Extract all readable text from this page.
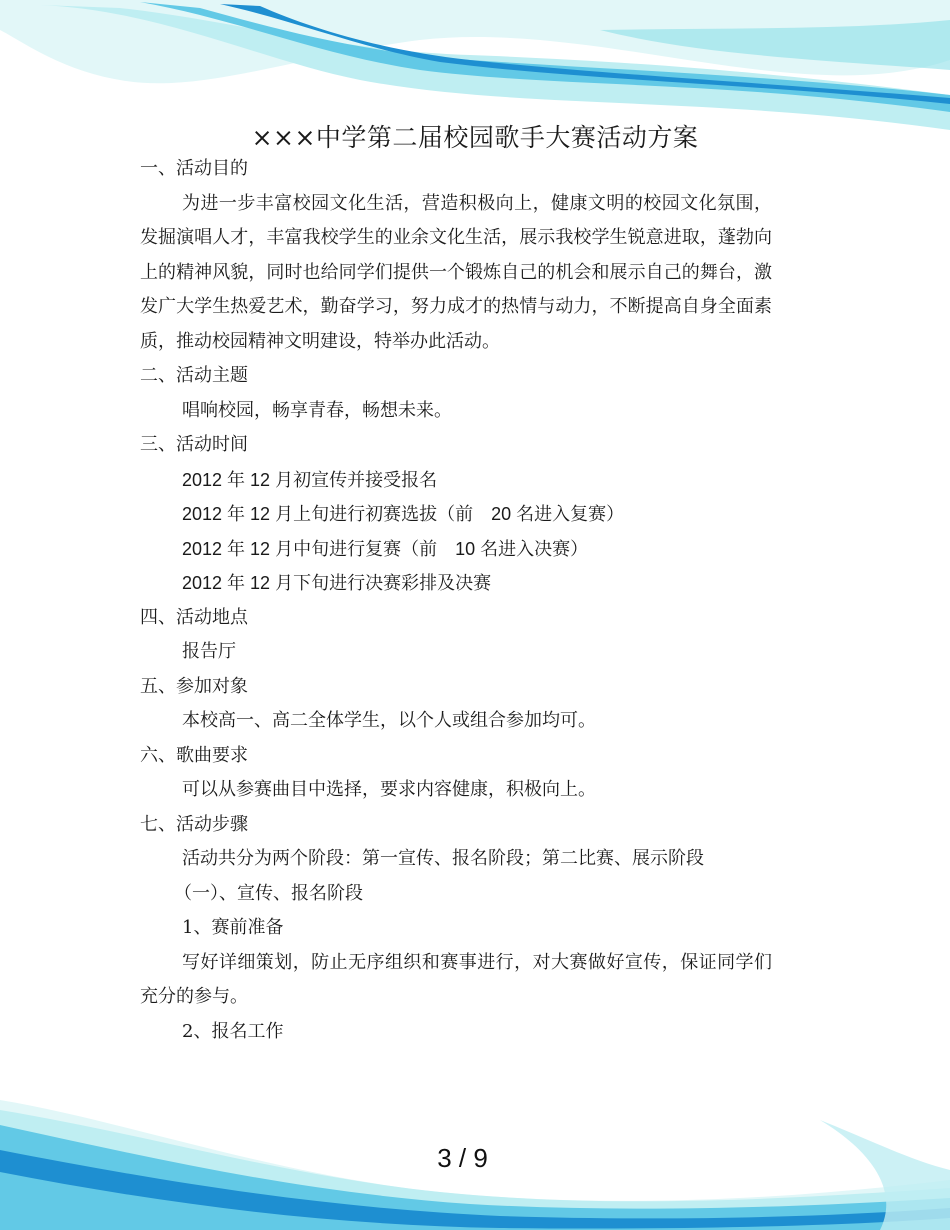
×××中学第二届校园歌手大赛活动方案

一、活动目的

为进一步丰富校园文化生活，营造积极向上，健康文明的校园文化氛围，发掘演唱人才，丰富我校学生的业余文化生活，展示我校学生锐意进取，蓬勃向上的精神风貌，同时也给同学们提供一个锻炼自己的机会和展示自己的舞台，激发广大学生热爱艺术，勤奋学习，努力成才的热情与动力，不断提高自身全面素质，推动校园精神文明建设，特举办此活动。

二、活动主题

唱响校园，畅享青春，畅想未来。

三、活动时间

2012 年 12 月初宣传并接受报名

2012 年 12 月上旬进行初赛选拔（前　20 名进入复赛）

2012 年 12 月中旬进行复赛（前　10 名进入决赛）

2012 年 12 月下旬进行决赛彩排及决赛

四、活动地点

报告厅

五、参加对象

本校高一、高二全体学生，以个人或组合参加均可。

六、歌曲要求

可以从参赛曲目中选择，要求内容健康，积极向上。

七、活动步骤

活动共分为两个阶段：第一宣传、报名阶段；第二比赛、展示阶段

（一）、宣传、报名阶段

1、赛前准备

写好详细策划，防止无序组织和赛事进行，对大赛做好宣传，保证同学们充分的参与。

2、报名工作

3 / 9
